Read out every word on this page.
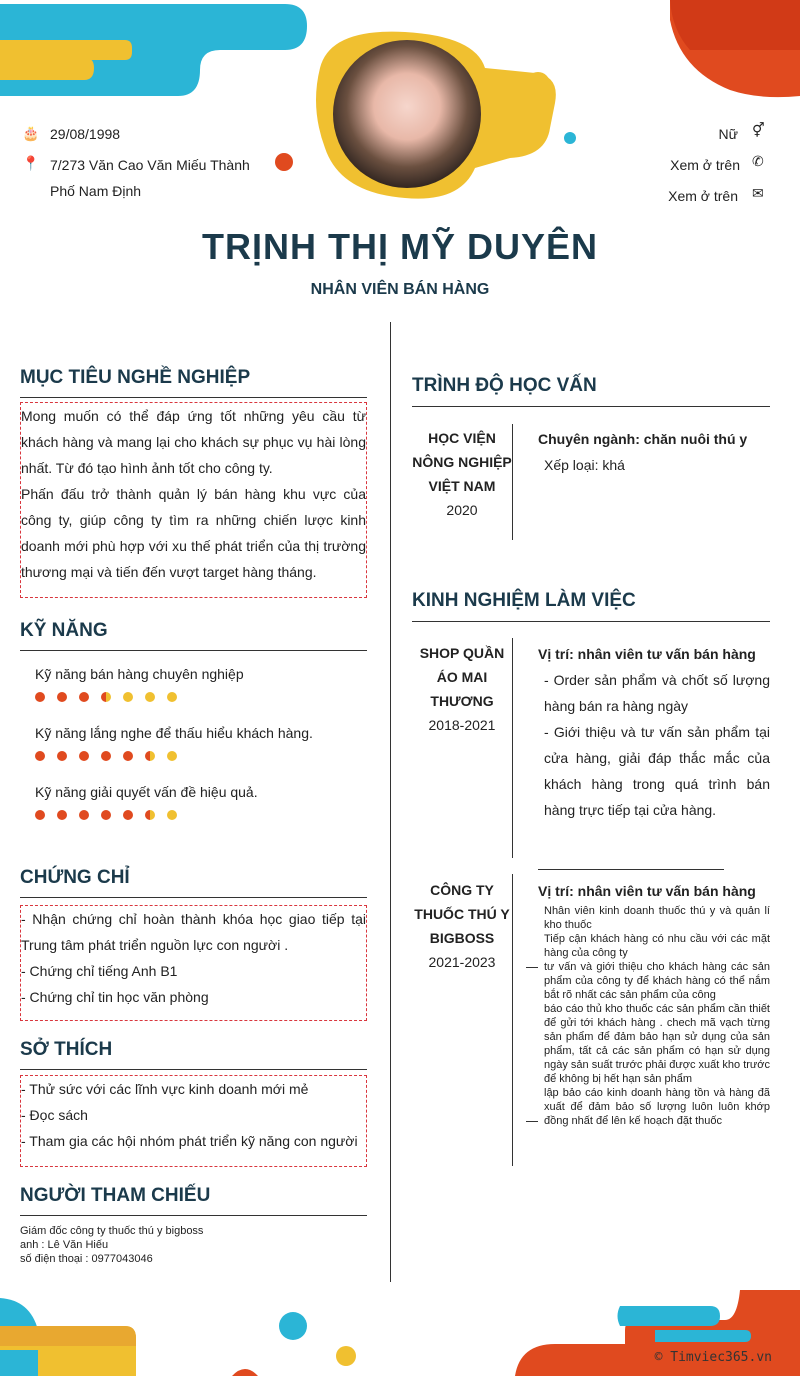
🎂 29/08/1998
📍 7/273 Văn Cao Văn Miếu Thành
Phố Nam Định
Nữ ⚥
Xem ở trên ✆
Xem ở trên ✉
TRỊNH THỊ MỸ DUYÊN
NHÂN VIÊN BÁN HÀNG
MỤC TIÊU NGHỀ NGHIỆP

Mong muốn có thể đáp ứng tốt những yêu cầu từ khách hàng và mang lại cho khách sự phục vụ hài lòng nhất. Từ đó tạo hình ảnh tốt cho công ty.

Phấn đấu trở thành quản lý bán hàng khu vực của công ty, giúp công ty tìm ra những chiến lược kinh doanh mới phù hợp với xu thế phát triển của thị trường thương mại và tiến đến vượt target hàng tháng.

KỸ NĂNG
Kỹ năng bán hàng chuyên nghiệp
Kỹ năng lắng nghe để thấu hiểu khách hàng.
Kỹ năng giải quyết vấn đề hiệu quả.
CHỨNG CHỈ

- Nhận chứng chỉ hoàn thành khóa học giao tiếp tại Trung tâm phát triển nguồn lực con người .

- Chứng chỉ tiếng Anh B1

- Chứng chỉ tin học văn phòng

SỞ THÍCH

- Thử sức với các lĩnh vực kinh doanh mới mẻ

- Đọc sách

- Tham gia các hội nhóm phát triển kỹ năng con người

NGƯỜI THAM CHIẾU
Giám đốc công ty thuốc thú y bigboss
anh : Lê Văn Hiếu
số điện thoại : 0977043046
TRÌNH ĐỘ HỌC VẤN
HỌC VIỆN
NÔNG NGHIỆP
VIỆT NAM
2020
Chuyên ngành: chăn nuôi thú y
Xếp loại: khá
KINH NGHIỆM LÀM VIỆC
SHOP QUẦN
ÁO MAI
THƯƠNG
2018-2021
Vị trí: nhân viên tư vấn bán hàng
- Order sản phẩm và chốt số lượng hàng bán ra hàng ngày
- Giới thiệu và tư vấn sản phẩm tại cửa hàng, giải đáp thắc mắc của khách hàng trong quá trình bán hàng trực tiếp tại cửa hàng.
CÔNG TY
THUỐC THÚ Y
BIGBOSS
2021-2023
Vị trí: nhân viên tư vấn bán hàng
Nhân viên kinh doanh thuốc thú y và quản lí kho thuốc
Tiếp cận khách hàng có nhu cầu với các mặt hàng của công ty
tư vấn và giới thiệu cho khách hàng các sản phẩm của công ty để khách hàng có thể nắm bắt rõ nhất các sản phẩm của công
báo cáo thủ kho thuốc các sản phẩm cần thiết để gửi tới khách hàng . chech mã vạch từng sản phẩm để đảm bảo hạn sử dụng của sản phẩm, tất cả các sản phẩm có hạn sử dụng ngày sản suất trước phải được xuất kho trước để không bị hết hạn sản phẩm
lập bảo cáo kinh doanh hàng tồn và hàng đã xuất để đảm bảo số lượng luôn luôn khớp đồng nhất để lên kế hoạch đặt thuốc
© Timviec365.vn
